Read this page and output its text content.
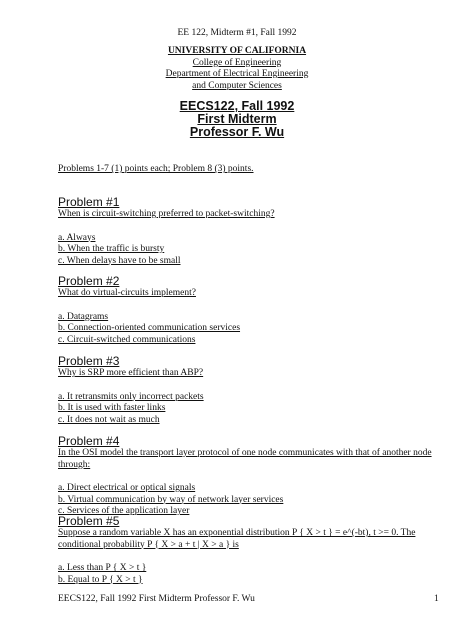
EE 122, Midterm #1, Fall 1992
UNIVERSITY OF CALIFORNIA
College of Engineering
Department of Electrical Engineering
and Computer Sciences
EECS122, Fall 1992
First Midterm
Professor F. Wu
Problems 1-7 (1) points each; Problem 8 (3) points.
Problem #1
When is circuit-switching preferred to packet-switching?
a. Always
b. When the traffic is bursty
c. When delays have to be small
Problem #2
What do virtual-circuits implement?
a. Datagrams
b. Connection-oriented communication services
c. Circuit-switched communications
Problem #3
Why is SRP more efficient than ABP?
a. It retransmits only incorrect packets
b. It is used with faster links
c. It does not wait as much
Problem #4
In the OSI model the transport layer protocol of one node communicates with that of another node through:
a. Direct electrical or optical signals
b. Virtual communication by way of network layer services
c. Services of the application layer
Problem #5
Suppose a random variable X has an exponential distribution P { X > t } = e^(-bt), t >= 0. The conditional probability P { X > a + t | X > a } is
a. Less than P { X > t }
b. Equal to P { X > t }
EECS122, Fall 1992 First Midterm Professor F. Wu	1
